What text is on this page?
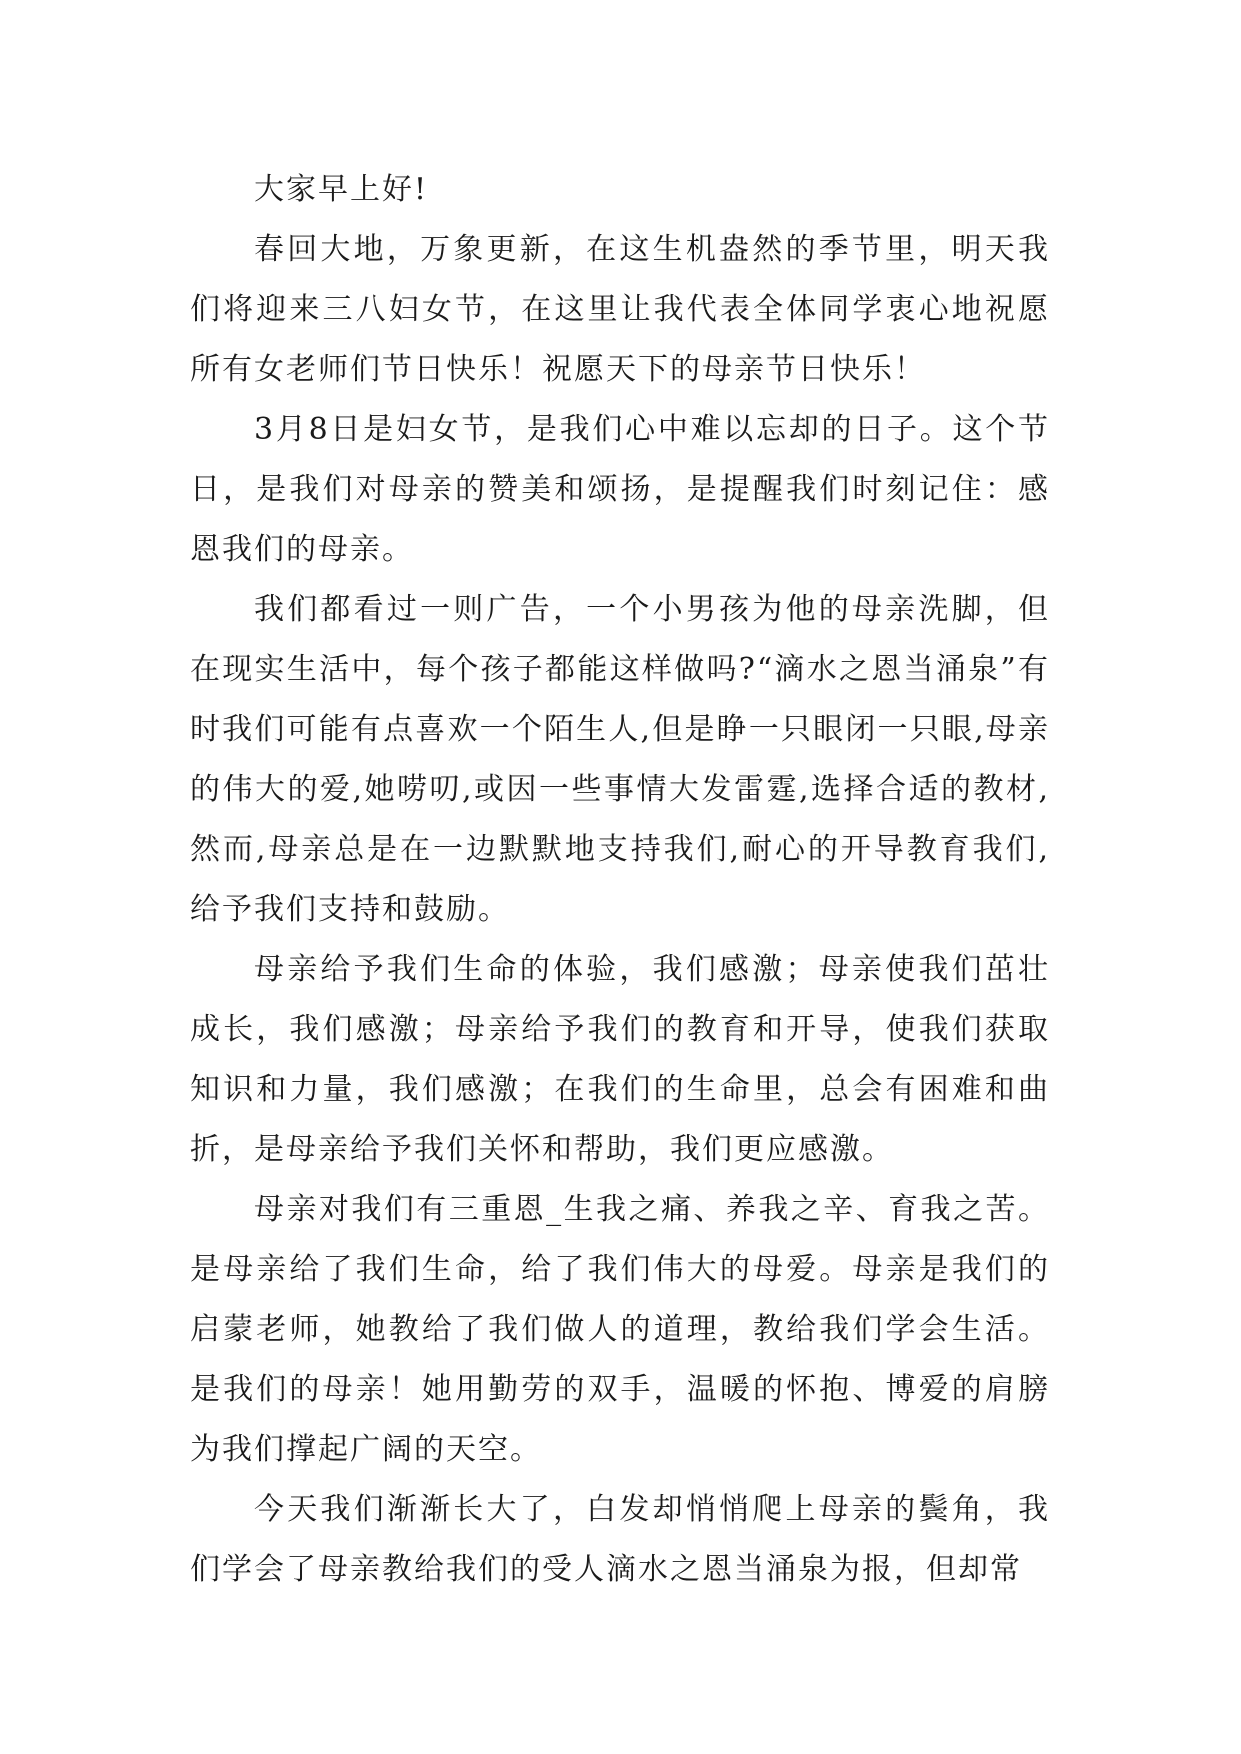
大家早上好!

春回大地，万象更新，在这生机盎然的季节里，明天我们将迎来三八妇女节，在这里让我代表全体同学衷心地祝愿所有女老师们节日快乐！祝愿天下的母亲节日快乐！

3月8日是妇女节，是我们心中难以忘却的日子。这个节日，是我们对母亲的赞美和颂扬，是提醒我们时刻记住：感恩我们的母亲。

我们都看过一则广告，一个小男孩为他的母亲洗脚，但在现实生活中，每个孩子都能这样做吗?“滴水之恩当涌泉”有时我们可能有点喜欢一个陌生人,但是睁一只眼闭一只眼,母亲的伟大的爱,她唠叨,或因一些事情大发雷霆,选择合适的教材,然而,母亲总是在一边默默地支持我们,耐心的开导教育我们,给予我们支持和鼓励。

母亲给予我们生命的体验，我们感激；母亲使我们茁壮成长，我们感激；母亲给予我们的教育和开导，使我们获取知识和力量，我们感激；在我们的生命里，总会有困难和曲折，是母亲给予我们关怀和帮助，我们更应感激。

母亲对我们有三重恩_生我之痛、养我之辛、育我之苦。是母亲给了我们生命，给了我们伟大的母爱。母亲是我们的启蒙老师，她教给了我们做人的道理，教给我们学会生活。是我们的母亲！她用勤劳的双手，温暖的怀抱、博爱的肩膀为我们撑起广阔的天空。

今天我们渐渐长大了，白发却悄悄爬上母亲的鬓角，我们学会了母亲教给我们的受人滴水之恩当涌泉为报，但却常
